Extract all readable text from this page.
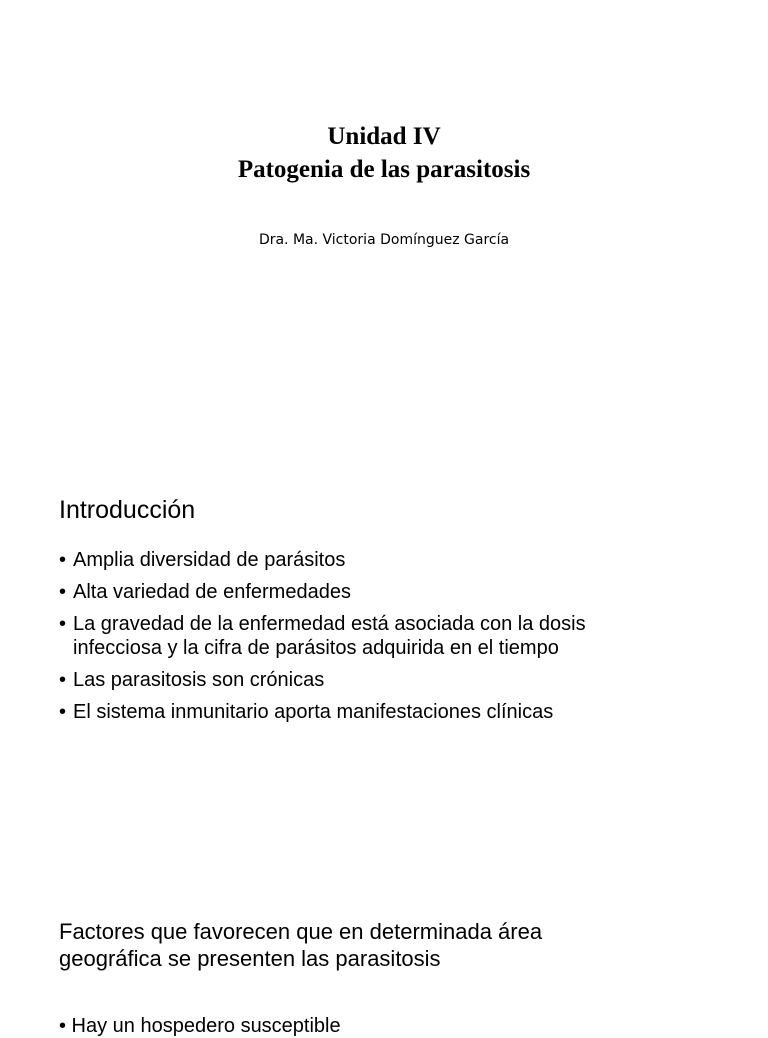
Unidad IV
Patogenia de las parasitosis
Dra. Ma. Victoria Domínguez García
Introducción
• Amplia diversidad de parásitos
• Alta variedad de enfermedades
• La gravedad de la enfermedad está asociada con la dosis
infecciosa y la cifra de parásitos adquirida en el tiempo
• Las parasitosis son crónicas
• El sistema inmunitario aporta manifestaciones clínicas
Factores que favorecen que en determinada área
geográfica se presenten las parasitosis
• Hay un hospedero susceptible
